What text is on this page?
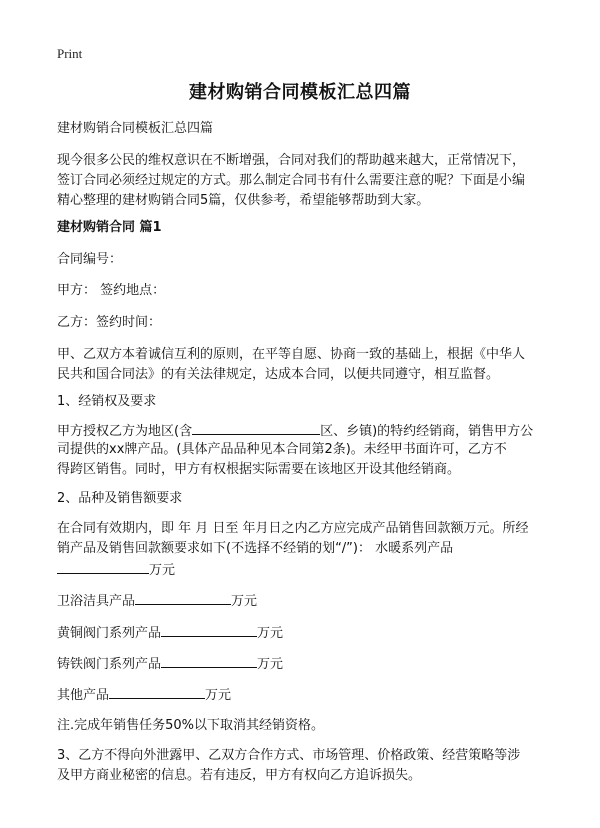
Print
建材购销合同模板汇总四篇

建材购销合同模板汇总四篇

现今很多公民的维权意识在不断增强，合同对我们的帮助越来越大，正常情况下，

签订合同必须经过规定的方式。那么制定合同书有什么需要注意的呢？下面是小编

精心整理的建材购销合同5篇，仅供参考，希望能够帮助到大家。

建材购销合同 篇1

合同编号：

甲方： 签约地点：

乙方：签约时间：

甲、乙双方本着诚信互利的原则，在平等自愿、协商一致的基础上，根据《中华人

民共和国合同法》的有关法律规定，达成本合同，以便共同遵守，相互监督。

1、经销权及要求

甲方授权乙方为地区(含	区、乡镇)的特约经销商，销售甲方公

司提供的xx牌产品。(具体产品品种见本合同第2条)。未经甲书面许可，乙方不

得跨区销售。同时，甲方有权根据实际需要在该地区开设其他经销商。

2、品种及销售额要求

在合同有效期内，即 年 月 日至 年月日之内乙方应完成产品销售回款额万元。所经

销产品及销售回款额要求如下(不选择不经销的划“/”)： 水暖系列产品

万元

卫浴洁具产品	万元

黄铜阀门系列产品	万元

铸铁阀门系列产品	万元

其他产品	万元

注.完成年销售任务50%以下取消其经销资格。

3、乙方不得向外泄露甲、乙双方合作方式、市场管理、价格政策、经营策略等涉

及甲方商业秘密的信息。若有违反，甲方有权向乙方追诉损失。
